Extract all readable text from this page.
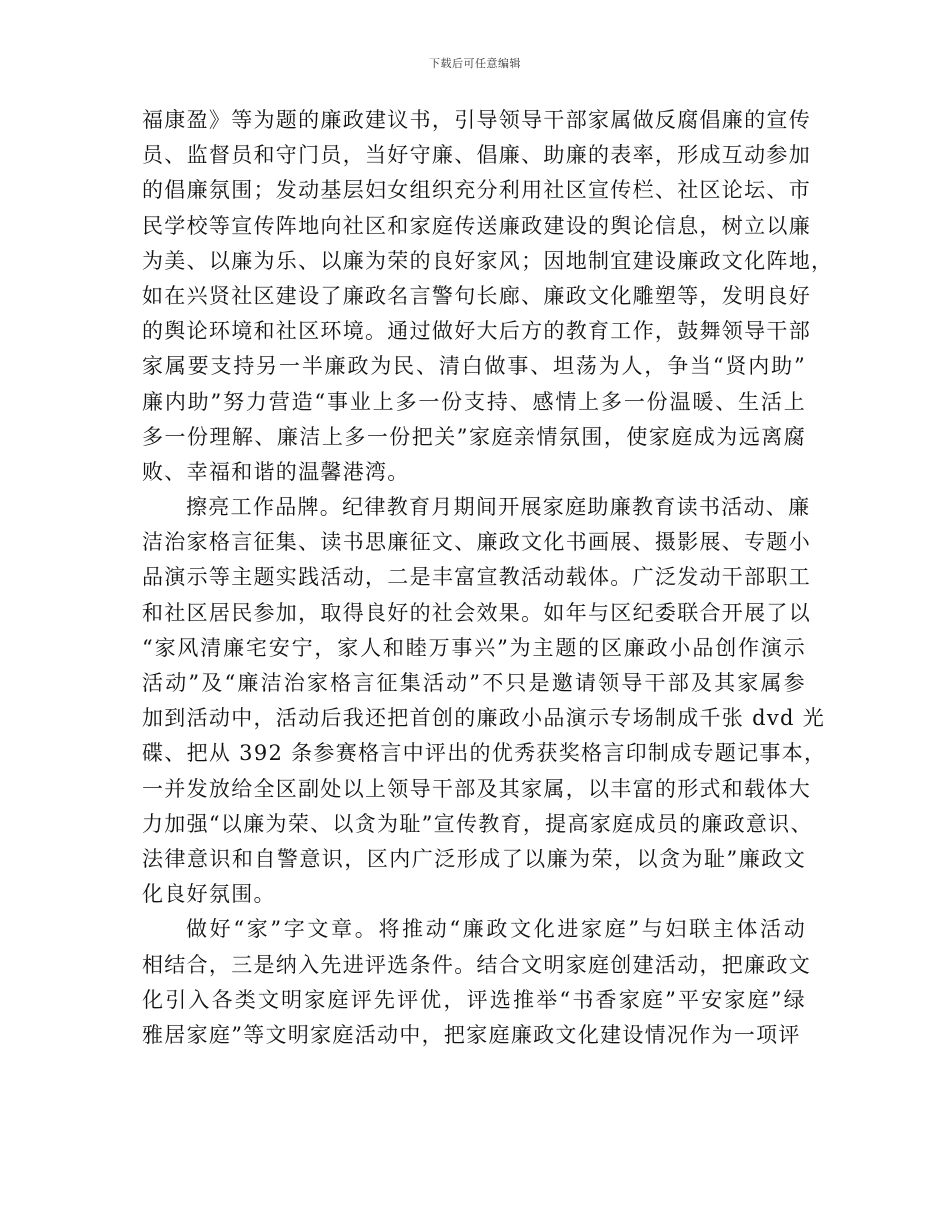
下载后可任意编辑
福康盈》等为题的廉政建议书，引导领导干部家属做反腐倡廉的宣传
员、监督员和守门员，当好守廉、倡廉、助廉的表率，形成互动参加
的倡廉氛围；发动基层妇女组织充分利用社区宣传栏、社区论坛、市
民学校等宣传阵地向社区和家庭传送廉政建设的舆论信息，树立以廉
为美、以廉为乐、以廉为荣的良好家风；因地制宜建设廉政文化阵地，
如在兴贤社区建设了廉政名言警句长廊、廉政文化雕塑等，发明良好
的舆论环境和社区环境。通过做好大后方的教育工作，鼓舞领导干部
家属要支持另一半廉政为民、清白做事、坦荡为人，争当“贤内助”
廉内助”努力营造“事业上多一份支持、感情上多一份温暖、生活上
多一份理解、廉洁上多一份把关”家庭亲情氛围，使家庭成为远离腐
败、幸福和谐的温馨港湾。
擦亮工作品牌。纪律教育月期间开展家庭助廉教育读书活动、廉
洁治家格言征集、读书思廉征文、廉政文化书画展、摄影展、专题小
品演示等主题实践活动，二是丰富宣教活动载体。广泛发动干部职工
和社区居民参加，取得良好的社会效果。如年与区纪委联合开展了以
“家风清廉宅安宁，家人和睦万事兴”为主题的区廉政小品创作演示
活动”及“廉洁治家格言征集活动”不只是邀请领导干部及其家属参
加到活动中，活动后我还把首创的廉政小品演示专场制成千张 dvd 光
碟、把从 392 条参赛格言中评出的优秀获奖格言印制成专题记事本，
一并发放给全区副处以上领导干部及其家属，以丰富的形式和载体大
力加强“以廉为荣、以贪为耻”宣传教育，提高家庭成员的廉政意识、
法律意识和自警意识，区内广泛形成了以廉为荣，以贪为耻”廉政文
化良好氛围。
做好“家”字文章。将推动“廉政文化进家庭”与妇联主体活动
相结合，三是纳入先进评选条件。结合文明家庭创建活动，把廉政文
化引入各类文明家庭评先评优，评选推举“书香家庭”平安家庭”绿
雅居家庭”等文明家庭活动中，把家庭廉政文化建设情况作为一项评
